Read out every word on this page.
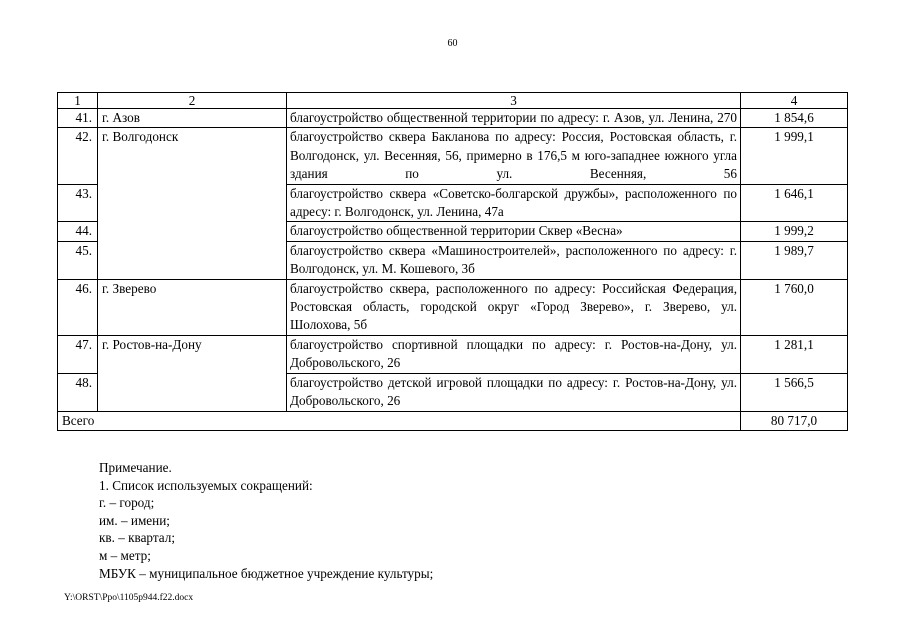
60
1	2	3	4
41.	г. Азов	благоустройство общественной территории по адресу: г. Азов, ул. Ленина, 270	1 854,6
42.	г. Волгодонск	благоустройство сквера Бакланова по адресу: Россия, Ростовская область, г. Волгодонск, ул. Весенняя, 56, примерно в 176,5 м юго-западнее южного угла здания по ул. Весенняя, 56	1 999,1
43.		благоустройство сквера «Советско-болгарской дружбы», расположенного по адресу: г. Волгодонск, ул. Ленина, 47а	1 646,1
44.		благоустройство общественной территории Сквер «Весна»	1 999,2
45.		благоустройство сквера «Машиностроителей», расположенного по адресу: г. Волгодонск, ул. М. Кошевого, 3б	1 989,7
46.	г. Зверево	благоустройство сквера, расположенного по адресу: Российская Федерация, Ростовская область, городской округ «Город Зверево», г. Зверево, ул. Шолохова, 5б	1 760,0
47.	г. Ростов-на-Дону	благоустройство спортивной площадки по адресу: г. Ростов-на-Дону, ул. Добровольского, 26	1 281,1
48.		благоустройство детской игровой площадки по адресу: г. Ростов-на-Дону, ул. Добровольского, 26	1 566,5
Всего			80 717,0
Примечание.
1. Список используемых сокращений:
г. – город;
им. – имени;
кв. – квартал;
м – метр;
МБУК – муниципальное бюджетное учреждение культуры;
Y:\ORST\Ppo\1105p944.f22.docx
